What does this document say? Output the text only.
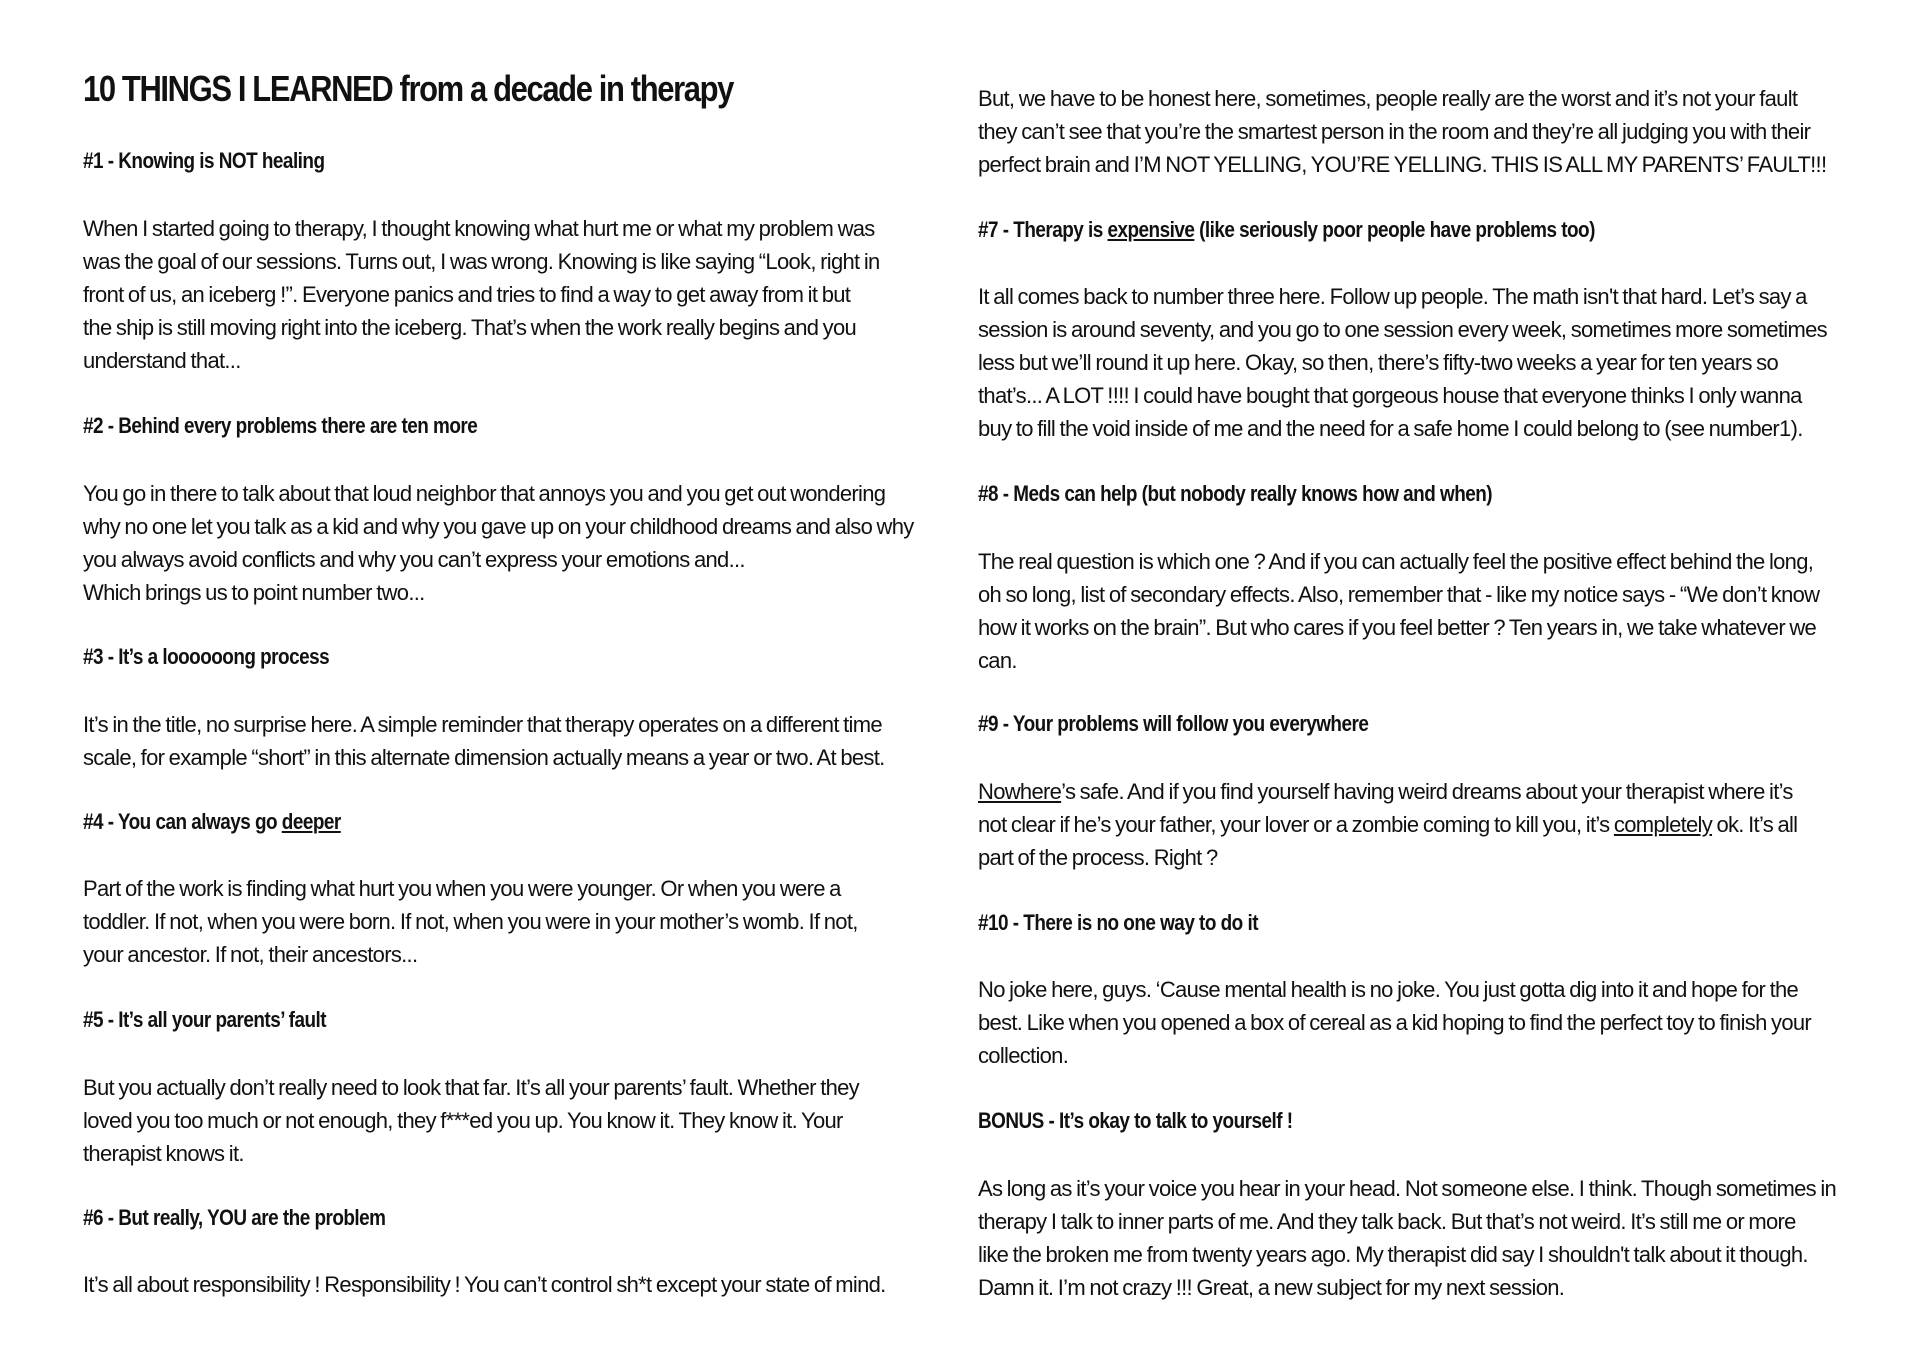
10 THINGS I LEARNED from a decade in therapy
#1 - Knowing is NOT healing
When I started going to therapy, I thought knowing what hurt me or what my problem was
was the goal of our sessions. Turns out, I was wrong. Knowing is like saying “Look, right in
front of us, an iceberg !”. Everyone panics and tries to find a way to get away from it but
the ship is still moving right into the iceberg. That’s when the work really begins and you
understand that...
#2 - Behind every problems there are ten more
You go in there to talk about that loud neighbor that annoys you and you get out wondering
why no one let you talk as a kid and why you gave up on your childhood dreams and also why
you always avoid conflicts and why you can’t express your emotions and...
Which brings us to point number two...
#3 - It’s a loooooong process
It’s in the title, no surprise here. A simple reminder that therapy operates on a different time
scale, for example “short” in this alternate dimension actually means a year or two. At best.
#4 - You can always go deeper
Part of the work is finding what hurt you when you were younger. Or when you were a
toddler. If not, when you were born. If not, when you were in your mother’s womb. If not,
your ancestor. If not, their ancestors...
#5 - It’s all your parents’ fault
But you actually don’t really need to look that far. It’s all your parents’ fault. Whether they
loved you too much or not enough, they f***ed you up. You know it. They know it. Your
therapist knows it.
#6 - But really, YOU are the problem
It’s all about responsibility ! Responsibility ! You can’t control sh*t except your state of mind.
But, we have to be honest here, sometimes, people really are the worst and it’s not your fault
they can’t see that you’re the smartest person in the room and they’re all judging you with their
perfect brain and I’M NOT YELLING, YOU’RE YELLING. THIS IS ALL MY PARENTS’ FAULT!!!
#7 - Therapy is expensive (like seriously poor people have problems too)
It all comes back to number three here. Follow up people. The math isn't that hard. Let’s say a
session is around seventy, and you go to one session every week, sometimes more sometimes
less but we’ll round it up here. Okay, so then, there’s fifty-two weeks a year for ten years so
that’s... A LOT !!!! I could have bought that gorgeous house that everyone thinks I only wanna
buy to fill the void inside of me and the need for a safe home I could belong to (see number1).
#8 - Meds can help (but nobody really knows how and when)
The real question is which one ? And if you can actually feel the positive effect behind the long,
oh so long, list of secondary effects. Also, remember that - like my notice says - “We don’t know
how it works on the brain”. But who cares if you feel better ? Ten years in, we take whatever we
can.
#9 - Your problems will follow you everywhere
Nowhere’s safe. And if you find yourself having weird dreams about your therapist where it’s
not clear if he’s your father, your lover or a zombie coming to kill you, it’s completely ok. It’s all
part of the process. Right ?
#10 - There is no one way to do it
No joke here, guys. ‘Cause mental health is no joke. You just gotta dig into it and hope for the
best. Like when you opened a box of cereal as a kid hoping to find the perfect toy to finish your
collection.
BONUS - It’s okay to talk to yourself !
As long as it’s your voice you hear in your head. Not someone else. I think. Though sometimes in
therapy I talk to inner parts of me. And they talk back. But that’s not weird. It’s still me or more
like the broken me from twenty years ago. My therapist did say I shouldn't talk about it though.
Damn it. I’m not crazy !!! Great, a new subject for my next session.
